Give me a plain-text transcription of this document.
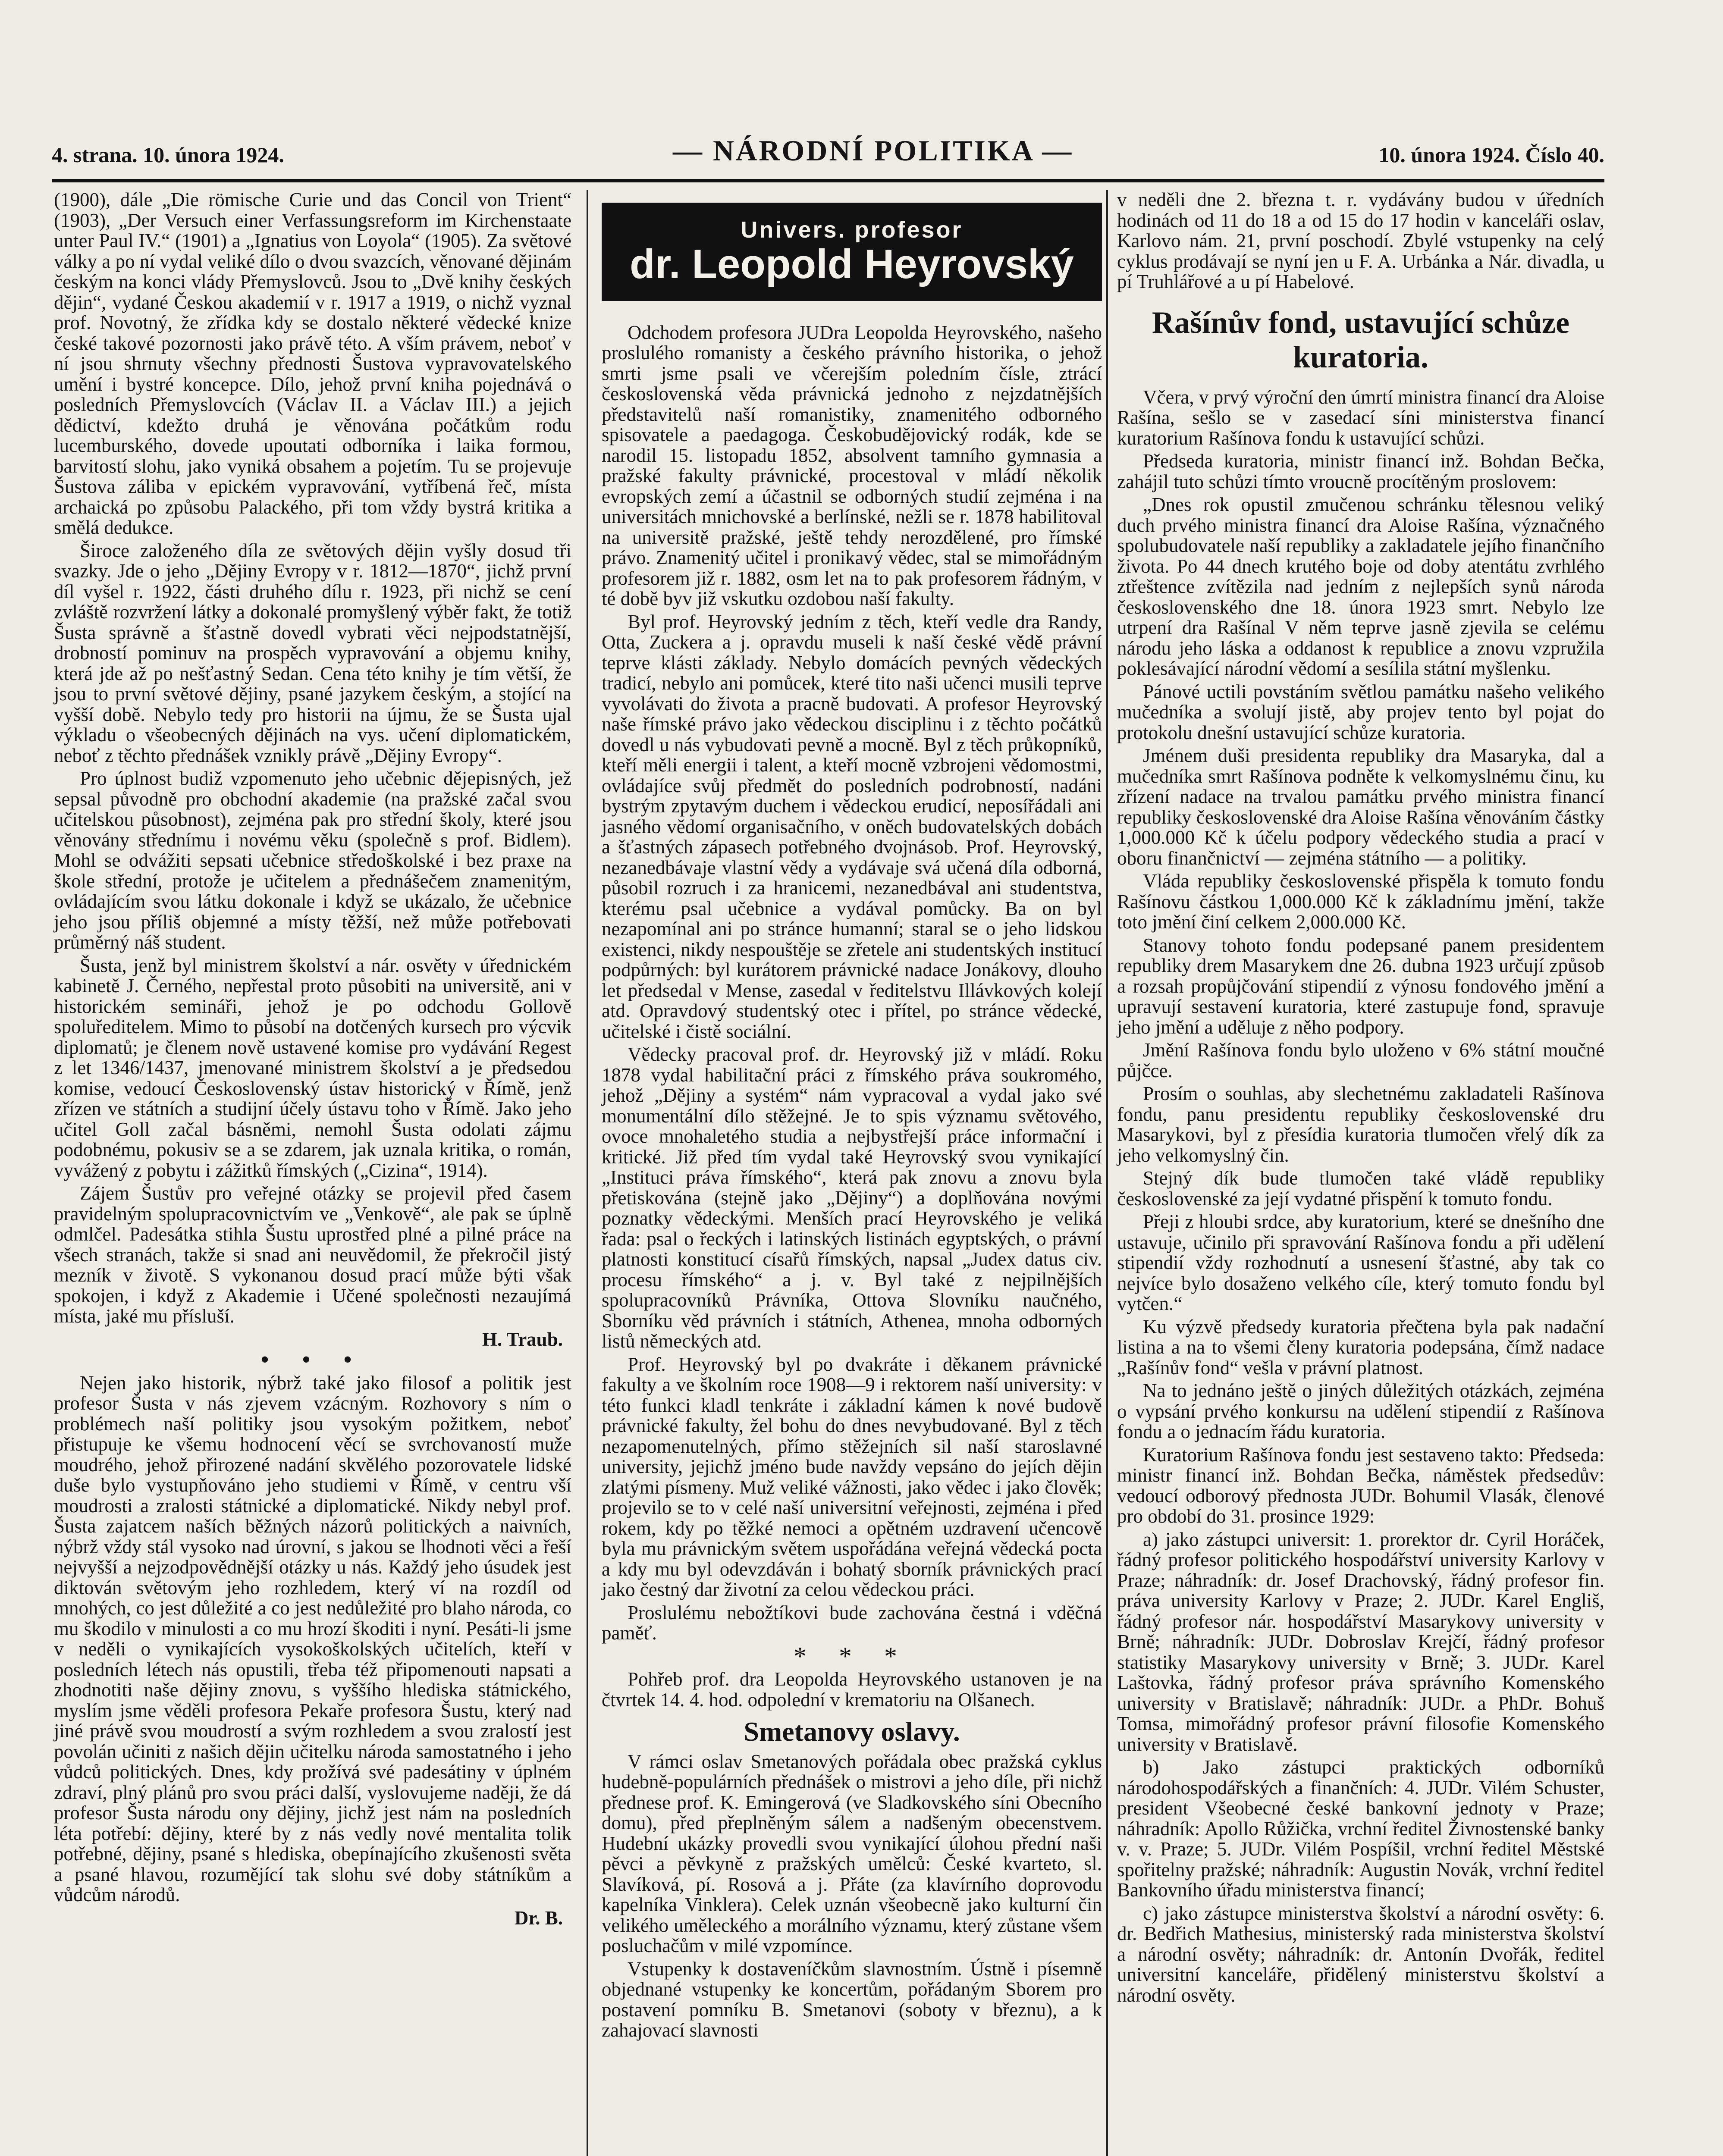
4. strana. 10. února 1924.	— NÁRODNÍ POLITIKA —	10. února 1924. Číslo 40.

(1900), dále „Die römische Curie und das Concil von Trient“ (1903), „Der Versuch einer Verfassungsreform im Kirchenstaate unter Paul IV.“ (1901) a „Ignatius von Loyola“ (1905). Za světové války a po ní vydal veliké dílo o dvou svazcích, věnované dějinám českým na konci vlády Přemyslovců. Jsou to „Dvě knihy českých dějin“, vydané Českou akademií v r. 1917 a 1919, o nichž vyznal prof. Novotný, že zřídka kdy se dostalo některé vědecké knize české takové pozornosti jako právě této. A vším právem, neboť v ní jsou shrnuty všechny přednosti Šustova vypravovatelského umění i bystré koncepce. Dílo, jehož první kniha pojednává o posledních Přemyslovcích (Václav II. a Václav III.) a jejich dědictví, kdežto druhá je věnována počátkům rodu lucemburského, dovede upoutati odborníka i laika formou, barvitostí slohu, jako vyniká obsahem a pojetím. Tu se projevuje Šustova záliba v epickém vypravování, vytříbená řeč, místa archaická po způsobu Palackého, při tom vždy bystrá kritika a smělá dedukce.

Široce založeného díla ze světových dějin vyšly dosud tři svazky. Jde o jeho „Dějiny Evropy v r. 1812—1870“, jichž první díl vyšel r. 1922, části druhého dílu r. 1923, při nichž se cení zvláště rozvržení látky a dokonalé promyšlený výběr fakt, že totiž Šusta správně a šťastně dovedl vybrati věci nejpodstatnější, drobností pominuv na prospěch vypravování a objemu knihy, která jde až po nešťastný Sedan. Cena této knihy je tím větší, že jsou to první světové dějiny, psané jazykem českým, a stojící na vyšší době. Nebylo tedy pro historii na újmu, že se Šusta ujal výkladu o všeobecných dějinách na vys. učení diplomatickém, neboť z těchto přednášek vznikly právě „Dějiny Evropy“.

Pro úplnost budiž vzpomenuto jeho učebnic dějepisných, jež sepsal původně pro obchodní akademie (na pražské začal svou učitelskou působnost), zejména pak pro střední školy, které jsou věnovány střednímu i novému věku (společně s prof. Bidlem). Mohl se odvážiti sepsati učebnice středoškolské i bez praxe na školе střední, protože je učitelem a přednášečem znamenitým, ovládajícím svou látku dokonale i když se ukázalo, že učebnice jeho jsou příliš objemné a místy těžší, než může potřebovati průměrný náš student.

Šusta, jenž byl ministrem školství a nár. osvěty v úřednickém kabinetě J. Černého, nepřestal proto působiti na universitě, ani v historickém semináři, jehož je po odchodu Gollově spoluředitelem. Mimo to působí na dotčených kursech pro výcvik diplomatů; je členem nově ustavené komise pro vydávání Regest z let 1346/1437, jmenované ministrem školství a je předsedou komise, vedoucí Československý ústav historický v Římě, jenž zřízen ve státních a studijní účely ústavu toho v Římě. Jako jeho učitel Goll začal básněmi, nemohl Šusta odolati zájmu podobnému, pokusiv se a se zdarem, jak uznala kritika, o román, vyvážený z pobytu i zážitků římských („Cizina“, 1914).

Zájem Šustův pro veřejné otázky se projevil před časem pravidelným spolupracovnictvím ve „Venkově“, ale pak se úplně odmlčel. Padesátka stihla Šustu uprostřed plné a pilné práce na všech stranách, takže si snad ani neuvědomil, že překročil jistý mezník v životě. S vykonanou dosud prací může býti však spokojen, i když z Akademie i Učené společnosti nezaujímá místa, jaké mu přísluší.

H. Traub.

• • •

Nejen jako historik, nýbrž také jako filosof a politik jest profesor Šusta v nás zjevem vzácným. Rozhovory s ním o problémech naší politiky jsou vysokým požitkem, neboť přistupuje ke všemu hodnocení věcí se svrchovaností muže moudrého, jehož přirozené nadání skvělého pozorovatele lidské duše bylo vystupňováno jeho studiemi v Římě, v centru vší moudrosti a zralosti státnické a diplomatické. Nikdy nebyl prof. Šusta zajatcem naších běžných názorů politických a naivních, nýbrž vždy stál vysoko nad úrovní, s jakou se lhodnoti věci a řeší nejvyšší a nejzodpovědnější otázky u nás. Každý jeho úsudek jest diktován světovým jeho rozhledem, který ví na rozdíl od mnohých, co jest důležité a co jest nedůležité pro blaho národa, co mu škodilo v minulosti a co mu hrozí škoditi i nyní. Pesáti-li jsme v neděli o vynikajících vysokoškolských učitelích, kteří v posledních létech nás opustili, třeba též připomenouti napsati a zhodnotiti naše dějiny znovu, s vyššího hlediska státnického, myslím jsme věděli profesora Pekaře profesora Šustu, který nad jiné právě svou moudrostí a svým rozhledem a svou zralostí jest povolán učiniti z našich dějin učitelku národa samostatného i jeho vůdců politických. Dnes, kdy prožívá své padesátiny v úplném zdraví, plný plánů pro svou práci další, vyslovujeme naději, že dá profesor Šusta národu ony dějiny, jichž jest nám na posledních léta potřebí: dějiny, které by z nás vedly nové mentalita tolik potřebné, dějiny, psané s hlediska, obepínajícího zkušenosti světa a psané hlavou, rozumějící tak slohu své doby státníkům a vůdcům národů.

Dr. B.
Univers. profesor
dr. Leopold Heyrovský

Odchodem profesora JUDra Leopolda Heyrovského, našeho proslulého romanisty a českého právního historika, o jehož smrti jsme psali ve včerejším poledním čísle, ztrácí československá věda právnická jednoho z nejzdatnějších představitelů naší romanistiky, znamenitého odborného spisovatele a paedagoga. Českobudějovický rodák, kde se narodil 15. listopadu 1852, absolvent tamního gymnasia a pražské fakulty právnické, procestoval v mládí několik evropských zemí a účastnil se odborných studií zejména i na universitách mnichovské a berlínské, nežli se r. 1878 habilitoval na universitě pražské, ještě tehdy nerozdělené, pro římské právo. Znamenitý učitel i pronikavý vědec, stal se mimořádným profesorem již r. 1882, osm let na to pak profesorem řádným, v té době byv již vskutku ozdobou naší fakulty.

Byl prof. Heyrovský jedním z těch, kteří vedle dra Randy, Otta, Zuckera a j. opravdu museli k naší české vědě právní teprve klásti základy. Nebylo domácích pevných vědeckých tradicí, nebylo ani pomůcek, které tito naši učenci musili teprve vyvolávati do života a pracně budovati. A profesor Heyrovský naše římské právo jako vědeckou disciplinu i z těchto počátků dovedl u nás vybudovati pevně a mocně. Byl z těch průkopníků, kteří měli energii i talent, a kteří mocně vzbrojeni vědomostmi, ovládajíce svůj předmět do posledních podrobností, nadáni bystrým zpytavým duchem i vědeckou erudicí, neposířádali ani jasného vědomí organisačního, v oněch budovatelských dobách a šťastných zápasech potřebného dvojnásob. Prof. Heyrovský, nezanedbávaje vlastní vědy a vydávaje svá učená díla odborná, působil rozruch i za hranicemi, nezanedbával ani studentstva, kterému psal učebnice a vydával pomůcky. Ba on byl nezapomínal ani po stránce humanní; staral se o jeho lidskou existenci, nikdy nespouštěje se zřetele ani studentských institucí podpůrných: byl kurátorem právnické nadace Jonákovy, dlouho let předsedal v Mense, zasedal v ředitelstvu Illávkových kolejí atd. Opravdový studentský otec i přítel, po stránce vědecké, učitelské i čistě sociální.

Vědecky pracoval prof. dr. Heyrovský již v mládí. Roku 1878 vydal habilitační práci z římského práva soukromého, jehož „Dějiny a systém“ nám vypracoval a vydal jako své monumentální dílo stěžejné. Je to spis významu světového, ovoce mnohaletého studia a nejbystřejší práce informační i kritické. Již před tím vydal také Heyrovský svou vynikající „Instituci práva římského“, která pak znovu a znovu byla přetiskována (stejně jako „Dějiny“) a doplňována novými poznatky vědeckými. Menších prací Heyrovského je veliká řada: psal o řeckých i latinských listinách egyptských, o právní platnosti konstitucí císařů římských, napsal „Judex datus civ. procesu římského“ a j. v. Byl také z nejpilnějších spolupracovníků Právníka, Ottova Slovníku naučného, Sborníku věd právních i státních, Athenea, mnoha odborných listů německých atd.

Prof. Heyrovský byl po dvakráte i děkanem právnické fakulty a ve školním roce 1908—9 i rektorem naší university: v této funkci kladl tenkráte i základní kámen k nové budově právnické fakulty, žel bohu do dnes nevybudované. Byl z těch nezapomenutelných, přímo stěžejních sil naší staroslavné university, jejichž jméno bude navždy vepsáno do jejích dějin zlatými písmeny. Muž veliké vážnosti, jako vědec i jako člověk; projevilo se to v celé naší universitní veřejnosti, zejména i před rokem, kdy po těžké nemoci a opětném uzdravení učencově byla mu právnickým světem uspořádána veřejná vědecká pocta a kdy mu byl odevzdáván i bohatý sborník právnických prací jako čestný dar životní za celou vědeckou práci.

Proslulému nebožtíkovi bude zachována čestná i vděčná paměť.

* * *

Pohřeb prof. dra Leopolda Heyrovského ustanoven je na čtvrtek 14. 4. hod. odpolední v krematoriu na Olšanech.

Smetanovy oslavy.

V rámci oslav Smetanových pořádala obec pražská cyklus hudebně-populárních přednášek o mistrovi a jeho díle, při nichž přednese prof. K. Emingerová (ve Sladkovského síni Obecního domu), před přeplněným sálem a nadšeným obecenstvem. Hudební ukázky provedli svou vynikající úlohou přední naši pěvci a pěvkyně z pražských umělců: České kvarteto, sl. Slavíková, pí. Rosová a j. Přáte (za klavírního doprovodu kapelníka Vinklera). Celek uznán všeobecně jako kulturní čin velikého uměleckého a morálního významu, který zůstane všem posluchačům v milé vzpomínce.

Vstupenky k dostaveníčkům slavnostním. Ústně i písemně objednané vstupenky ke koncertům, pořádaným Sborem pro postavení pomníku B. Smetanovi (soboty v březnu), a k zahajovací slavnosti

v neděli dne 2. března t. r. vydávány budou v úředních hodinách od 11 do 18 a od 15 do 17 hodin v kanceláři oslav, Karlovo nám. 21, první poschodí. Zbylé vstupenky na celý cyklus prodávají se nyní jen u F. A. Urbánka a Nár. divadla, u pí Truhlářové a u pí Habelové.

Rašínův fond, ustavující schůze kuratoria.

Včera, v prvý výroční den úmrtí ministra financí dra Aloise Rašína, sešlo se v zasedací síni ministerstva financí kuratorium Rašínova fondu k ustavující schůzi.

Předseda kuratoria, ministr financí inž. Bohdan Bečka, zahájil tuto schůzi tímto vroucně procítěným proslovem:

„Dnes rok opustil zmučenou schránku tělesnou veliký duch prvého ministra financí dra Aloise Rašína, význačného spolubudovatele naší republiky a zakladatele jejího finančního života. Po 44 dnech krutého boje od doby atentátu zvrhlého ztřeštence zvítězila nad jedním z nejlepších synů národa československého dne 18. února 1923 smrt. Nebylo lze utrpení dra Rašínal V něm teprve jasně zjevila se celému národu jeho láska a oddanost k republice a znovu vzpružila poklesávající národní vědomí a sesílila státní myšlenku.

Pánové uctili povstáním světlou památku našeho velikého mučedníka a svolují jistě, aby projev tento byl pojat do protokolu dnešní ustavující schůze kuratoria.

Jménem duši presidenta republiky dra Masaryka, dal a mučedníka smrt Rašínova podněte k velkomyslnému činu, ku zřízení nadace na trvalou památku prvého ministra financí republiky československé dra Aloise Rašína věnováním částky 1,000.000 Kč k účelu podpory vědeckého studia a prací v oboru finančnictví — zejména státního — a politiky.

Vláda republiky československé přispěla k tomuto fondu Rašínovu částkou 1,000.000 Kč k základnímu jmění, takže toto jmění činí celkem 2,000.000 Kč.

Stanovy tohoto fondu podepsané panem presidentem republiky drem Masarykem dne 26. dubna 1923 určují způsob a rozsah propůjčování stipendií z výnosu fondového jmění a upravují sestavení kuratoria, které zastupuje fond, spravuje jeho jmění a uděluje z něho podpory.

Jmění Rašínova fondu bylo uloženo v 6% státní moučné půjčce.

Prosím o souhlas, aby slechetnému zakladateli Rašínova fondu, panu presidentu republiky československé dru Masarykovi, byl z přesídia kuratoria tlumočen vřelý dík za jeho velkomyslný čin.

Stejný dík bude tlumočen také vládě republiky československé za její vydatné přispění k tomuto fondu.

Přeji z hloubi srdce, aby kuratorium, které se dnešního dne ustavuje, učinilo při spravování Rašínova fondu a při udělení stipendií vždy rozhodnutí a usnesení šťastné, aby tak co nejvíce bylo dosaženo velkého cíle, který tomuto fondu byl vytčen.“

Ku výzvě předsedy kuratoria přečtena byla pak nadační listina a na to všemi členy kuratoria podepsána, čímž nadace „Rašínův fond“ vešla v právní platnost.

Na to jednáno ještě o jiných důležitých otázkách, zejména o vypsání prvého konkursu na udělení stipendií z Rašínova fondu a o jednacím řádu kuratoria.

Kuratorium Rašínova fondu jest sestaveno takto: Předseda: ministr financí inž. Bohdan Bečka, náměstek předsedův: vedoucí odborový přednosta JUDr. Bohumil Vlasák, členové pro období do 31. prosince 1929:

a) jako zástupci universit: 1. prorektor dr. Cyril Horáček, řádný profesor politického hospodářství university Karlovy v Praze; náhradník: dr. Josef Drachovský, řádný profesor fin. práva university Karlovy v Praze; 2. JUDr. Karel Engliš, řádný profesor nár. hospodářství Masarykovy university v Brně; náhradník: JUDr. Dobroslav Krejčí, řádný profesor statistiky Masarykovy university v Brně; 3. JUDr. Karel Laštovka, řádný profesor práva správního Komenského university v Bratislavě; náhradník: JUDr. a PhDr. Bohuš Tomsa, mimořádný profesor právní filosofie Komenského university v Bratislavě.

b) Jako zástupci praktických odborníků národohospodářských a finančních: 4. JUDr. Vilém Schuster, president Všeobecné české bankovní jednoty v Praze; náhradník: Apollo Růžička, vrchní ředitel Živnostenské banky v. v. Praze; 5. JUDr. Vilém Pospíšil, vrchní ředitel Městské spořitelny pražské; náhradník: Augustin Novák, vrchní ředitel Bankovního úřadu ministerstva financí;

c) jako zástupce ministerstva školství a národní osvěty: 6. dr. Bedřich Mathesius, ministerský rada ministerstva školství a národní osvěty; náhradník: dr. Antonín Dvořák, ředitel universitní kanceláře, přidělený ministerstvu školství a národní osvěty.
